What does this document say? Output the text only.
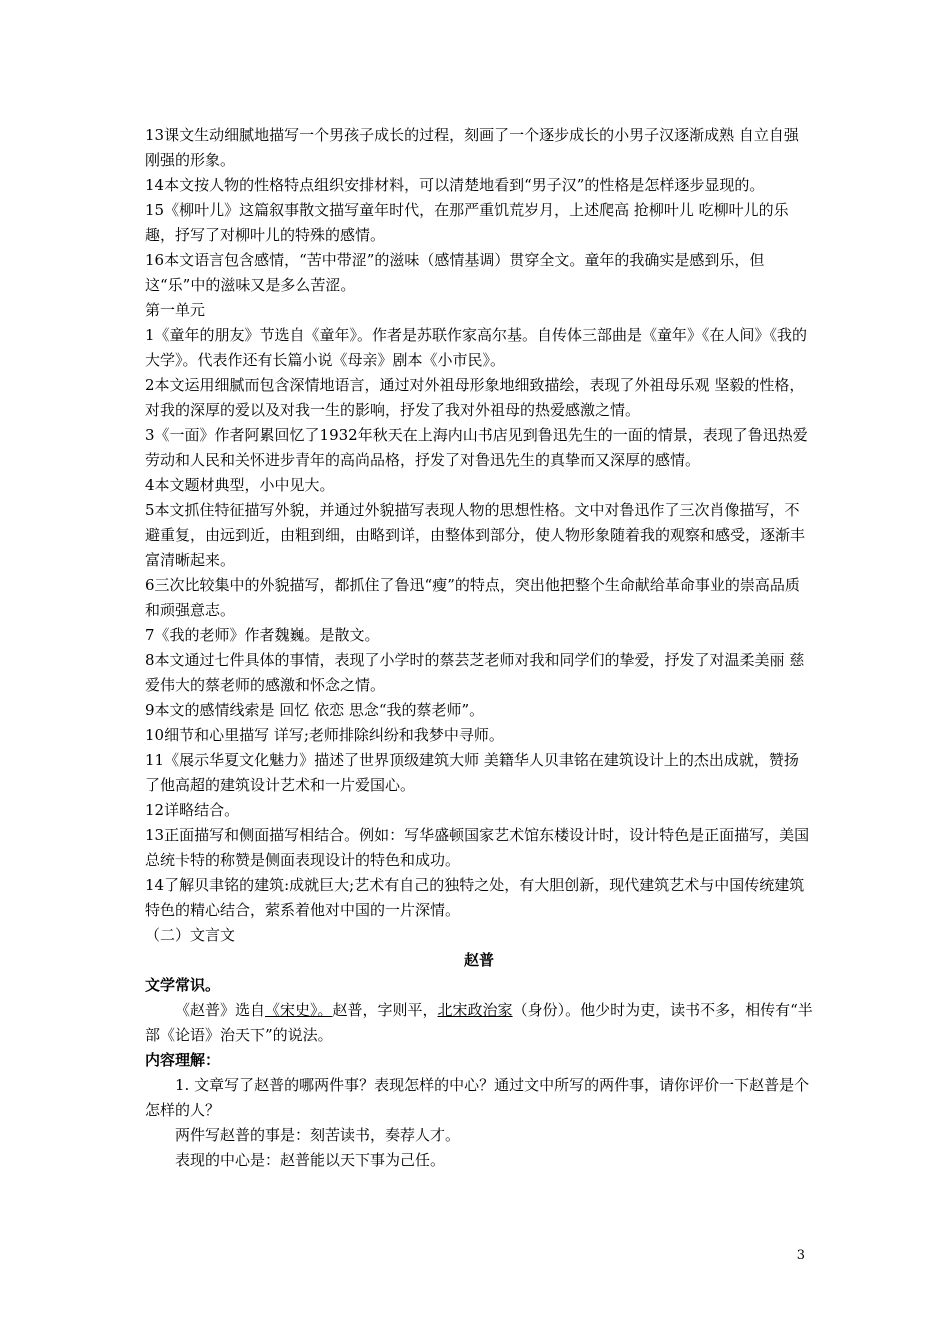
13课文生动细腻地描写一个男孩子成长的过程，刻画了一个逐步成长的小男子汉逐渐成熟 自立自强 刚强的形象。

14本文按人物的性格特点组织安排材料，可以清楚地看到“男子汉”的性格是怎样逐步显现的。

15《柳叶儿》这篇叙事散文描写童年时代，在那严重饥荒岁月，上述爬高 抢柳叶儿 吃柳叶儿的乐趣，抒写了对柳叶儿的特殊的感情。

16本文语言包含感情，“苦中带涩”的滋味（感情基调）贯穿全文。童年的我确实是感到乐，但这“乐”中的滋味又是多么苦涩。

第一单元

1《童年的朋友》节选自《童年》。作者是苏联作家高尔基。自传体三部曲是《童年》《在人间》《我的大学》。代表作还有长篇小说《母亲》剧本《小市民》。

2本文运用细腻而包含深情地语言，通过对外祖母形象地细致描绘，表现了外祖母乐观 坚毅的性格，对我的深厚的爱以及对我一生的影响，抒发了我对外祖母的热爱感激之情。

3《一面》作者阿累回忆了1932年秋天在上海内山书店见到鲁迅先生的一面的情景，表现了鲁迅热爱劳动和人民和关怀进步青年的高尚品格，抒发了对鲁迅先生的真挚而又深厚的感情。

4本文题材典型，小中见大。

5本文抓住特征描写外貌，并通过外貌描写表现人物的思想性格。文中对鲁迅作了三次肖像描写，不避重复，由远到近，由粗到细，由略到详，由整体到部分，使人物形象随着我的观察和感受，逐渐丰富清晰起来。

6三次比较集中的外貌描写，都抓住了鲁迅“瘦”的特点，突出他把整个生命献给革命事业的崇高品质和顽强意志。

7《我的老师》作者魏巍。是散文。

8本文通过七件具体的事情，表现了小学时的蔡芸芝老师对我和同学们的挚爱，抒发了对温柔美丽 慈爱伟大的蔡老师的感激和怀念之情。

9本文的感情线索是 回忆 依恋 思念“我的蔡老师”。

10细节和心里描写 详写;老师排除纠纷和我梦中寻师。

11《展示华夏文化魅力》描述了世界顶级建筑大师 美籍华人贝聿铭在建筑设计上的杰出成就，赞扬了他高超的建筑设计艺术和一片爱国心。

12详略结合。

13正面描写和侧面描写相结合。例如：写华盛顿国家艺术馆东楼设计时，设计特色是正面描写，美国总统卡特的称赞是侧面表现设计的特色和成功。

14了解贝聿铭的建筑:成就巨大;艺术有自己的独特之处，有大胆创新，现代建筑艺术与中国传统建筑特色的精心结合，萦系着他对中国的一片深情。

（二）文言文

赵普

文学常识。

《赵普》选自《宋史》。赵普，字则平，北宋政治家（身份）。他少时为吏，读书不多，相传有“半部《论语》治天下”的说法。

内容理解：

1. 文章写了赵普的哪两件事？表现怎样的中心？通过文中所写的两件事，请你评价一下赵普是个怎样的人？

两件写赵普的事是：刻苦读书，奏荐人才。

表现的中心是：赵普能以天下事为己任。

3
